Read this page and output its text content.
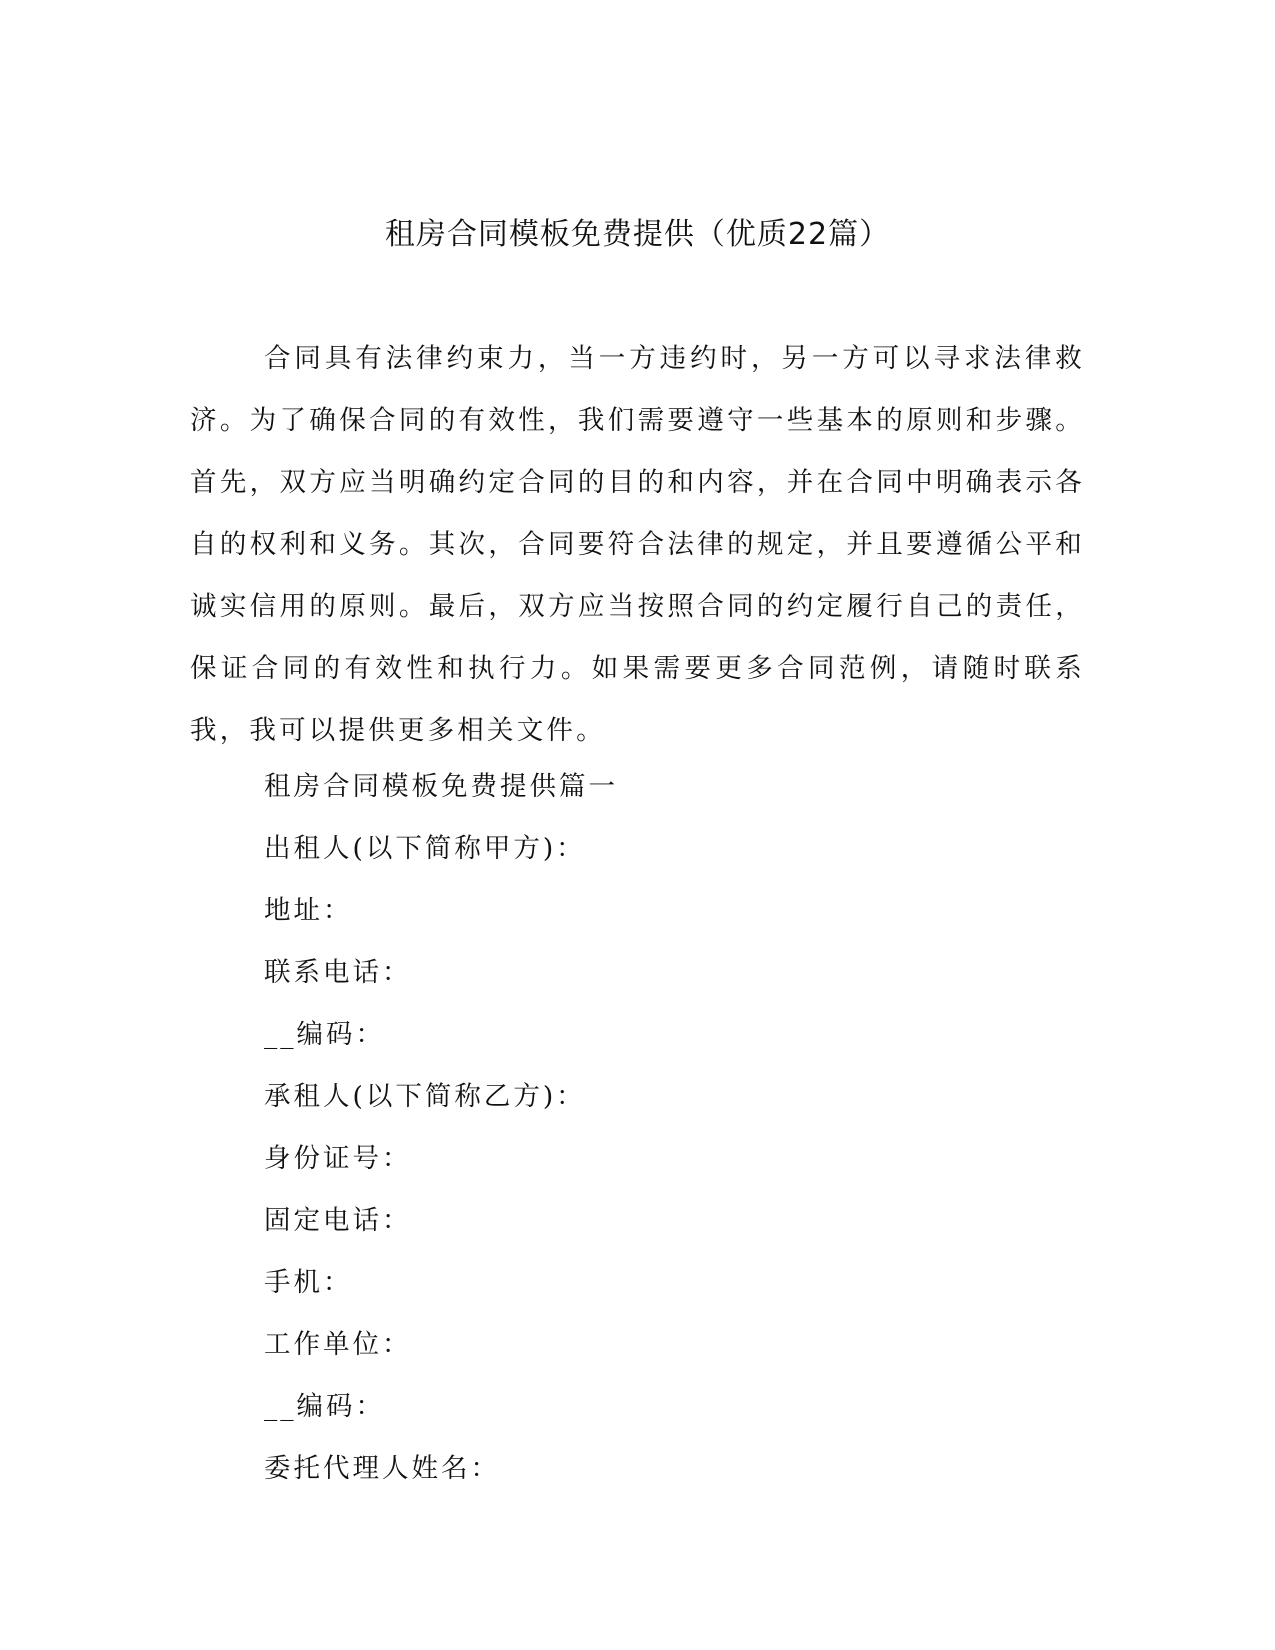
租房合同模板免费提供（优质22篇）

合同具有法律约束力，当一方违约时，另一方可以寻求法律救济。为了确保合同的有效性，我们需要遵守一些基本的原则和步骤。首先，双方应当明确约定合同的目的和内容，并在合同中明确表示各自的权利和义务。其次，合同要符合法律的规定，并且要遵循公平和诚实信用的原则。最后，双方应当按照合同的约定履行自己的责任，保证合同的有效性和执行力。如果需要更多合同范例，请随时联系我，我可以提供更多相关文件。

租房合同模板免费提供篇一
出租人(以下简称甲方)：
地址：
联系电话：
__编码：
承租人(以下简称乙方)：
身份证号：
固定电话：
手机：
工作单位：
__编码：
委托代理人姓名：
